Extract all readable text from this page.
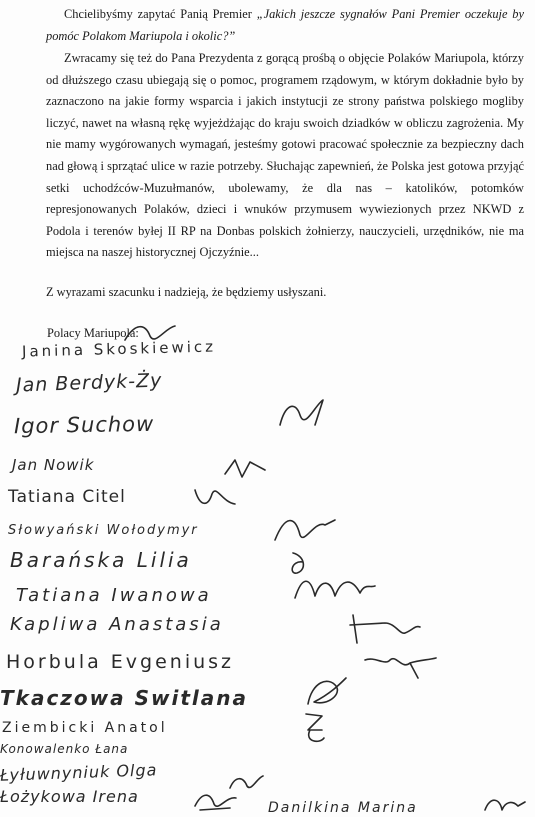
Chcielibyśmy zapytać Panią Premier „Jakich jeszcze sygnałów Pani Premier oczekuje by pomóc Polakom Mariupola i okolic?”

Zwracamy się też do Pana Prezydenta z gorącą prośbą o objęcie Polaków Mariupola, którzy od dłuższego czasu ubiegają się o pomoc, programem rządowym, w którym dokładnie było by zaznaczono na jakie formy wsparcia i jakich instytucji ze strony państwa polskiego mogliby liczyć, nawet na własną rękę wyjeżdżając do kraju swoich dziadków w obliczu zagrożenia. My nie mamy wygórowanych wymagań, jesteśmy gotowi pracować społecznie za bezpieczny dach nad głową i sprzątać ulice w razie potrzeby. Słuchając zapewnień, że Polska jest gotowa przyjąć setki uchodźców-Muzułmanów, ubolewamy, że dla nas – katolików, potomków represjonowanych Polaków, dzieci i wnuków przymusem wywiezionych przez NKWD z Podola i terenów byłej II RP na Donbas polskich żołnierzy, nauczycieli, urzędników, nie ma miejsca na naszej historycznej Ojczyźnie...

Z wyrazami szacunku i nadzieją, że będziemy usłyszani.

Polacy Mariupola:

Janina Skoskiewicz
Jan Berdyk-Ży
Igor Suchow
Jan Nowik
Tatiana Citel
Słowyański Wołodymyr
Barańska Lilia
Tatiana Iwanowa
Kapliwa Anastasia
Horbula Evgeniusz
Tkaczowa Switlana
Ziembicki Anatol
Konowalenko Łana
Łyłuwnyniuk Olga
Łożykowa Irena
Danilkina Marina
